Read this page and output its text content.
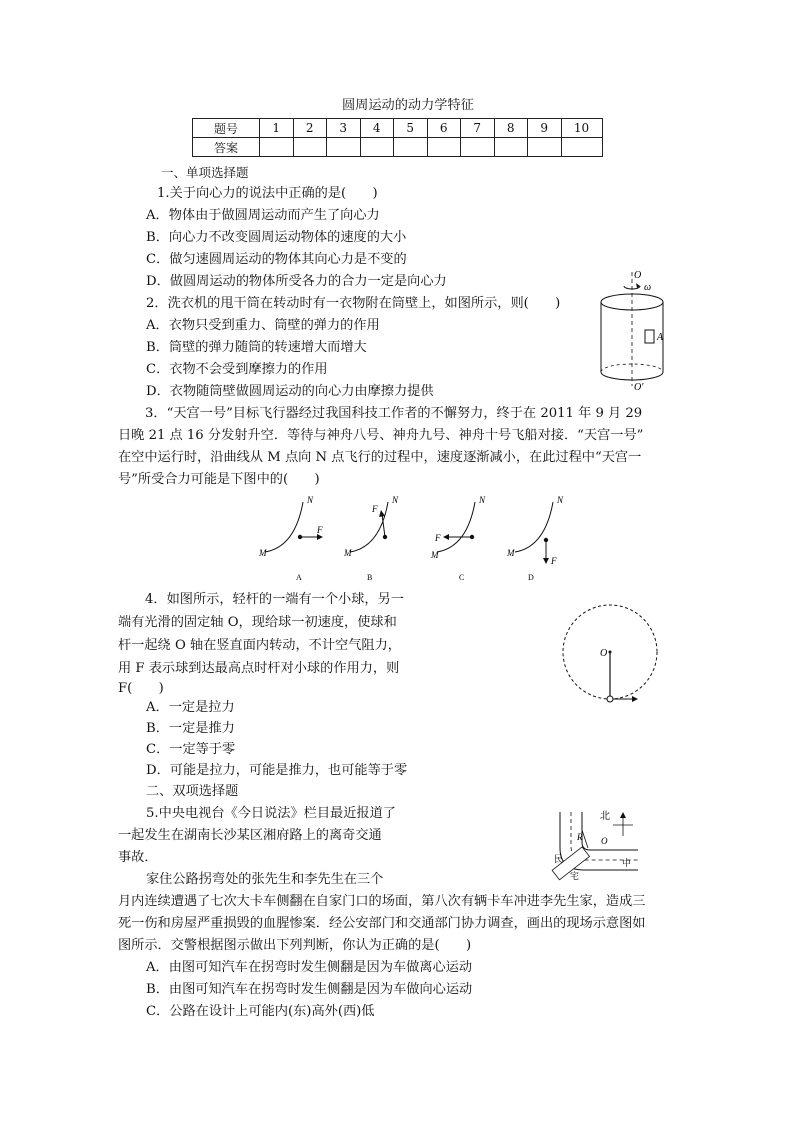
圆周运动的动力学特征
题号	1	2	3	4	5	6	7	8	9	10
答案										
一、单项选择题
1.关于向心力的说法中正确的是(　　)
A．物体由于做圆周运动而产生了向心力
B．向心力不改变圆周运动物体的速度的大小
C．做匀速圆周运动的物体其向心力是不变的
D．做圆周运动的物体所受各力的合力一定是向心力
2．洗衣机的甩干筒在转动时有一衣物附在筒壁上，如图所示，则(　　)
A．衣物只受到重力、筒壁的弹力的作用
B．筒壁的弹力随筒的转速增大而增大
C．衣物不会受到摩擦力的作用
D．衣物随筒壁做圆周运动的向心力由摩擦力提供
O
ω
A
O′
3．“天宫一号”目标飞行器经过我国科技工作者的不懈努力，终于在 2011 年 9 月 29
日晚 21 点 16 分发射升空．等待与神舟八号、神舟九号、神舟十号飞船对接．“天宫一号”
在空中运行时，沿曲线从 M 点向 N 点飞行的过程中，速度逐渐减小，在此过程中“天宫一
号”所受合力可能是下图中的(　　)
N
M
F
A
N
M
F
B
N
M
F
C
N
M
F
D
4．如图所示，轻杆的一端有一个小球，另一
端有光滑的固定轴 O，现给球一初速度，使球和
杆一起绕 O 轴在竖直面内转动，不计空气阻力，
用 F 表示球到达最高点时杆对小球的作用力，则
F(　　)
A．一定是拉力
B．一定是推力
C．一定等于零
D．可能是拉力，可能是推力，也可能等于零
O
二、双项选择题
5.中央电视台《今日说法》栏目最近报道了
一起发生在湖南长沙某区湘府路上的离奇交通
事故．
家住公路拐弯处的张先生和李先生在三个
月内连续遭遇了七次大卡车侧翻在自家门口的场面，第八次有辆卡车冲进李先生家，造成三
死一伤和房屋严重损毁的血腥惨案．经公安部门和交通部门协力调查，画出的现场示意图如
图所示．交警根据图示做出下列判断，你认为正确的是(　　)
A．由图可知汽车在拐弯时发生侧翻是因为车做离心运动
B．由图可知汽车在拐弯时发生侧翻是因为车做向心运动
C．公路在设计上可能内(东)高外(西)低
北
R O
民
宅
中
